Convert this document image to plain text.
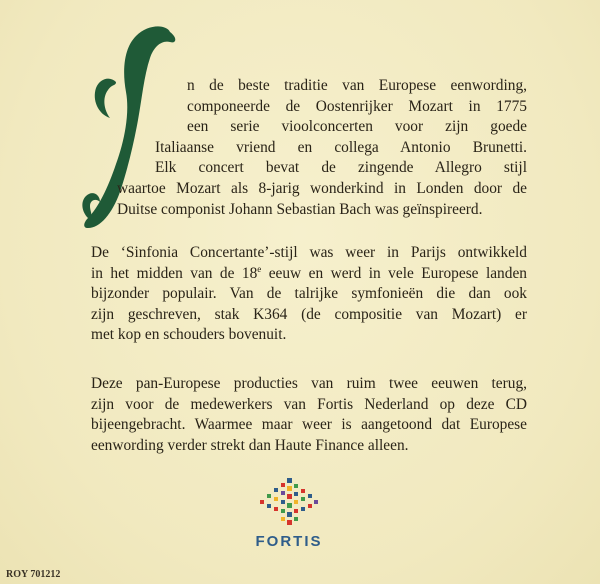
n de beste traditie van Europese eenwording,
componeerde de Oostenrijker Mozart in 1775
een serie vioolconcerten voor zijn goede
Italiaanse vriend en collega Antonio Brunetti.
Elk concert bevat de zingende Allegro stijl
waartoe Mozart als 8-jarig wonderkind in Londen door de
Duitse componist Johann Sebastian Bach was geïnspireerd.
De ‘Sinfonia Concertante’-stijl was weer in Parijs ontwikkeld
in het midden van de 18e eeuw en werd in vele Europese landen
bijzonder populair. Van de talrijke symfonieën die dan ook
zijn geschreven, stak K364 (de compositie van Mozart) er
met kop en schouders bovenuit.
Deze pan-Europese producties van ruim twee eeuwen terug,
zijn voor de medewerkers van Fortis Nederland op deze CD
bijeengebracht. Waarmee maar weer is aangetoond dat Europese
eenwording verder strekt dan Haute Finance alleen.
FORTIS
ROY 701212
